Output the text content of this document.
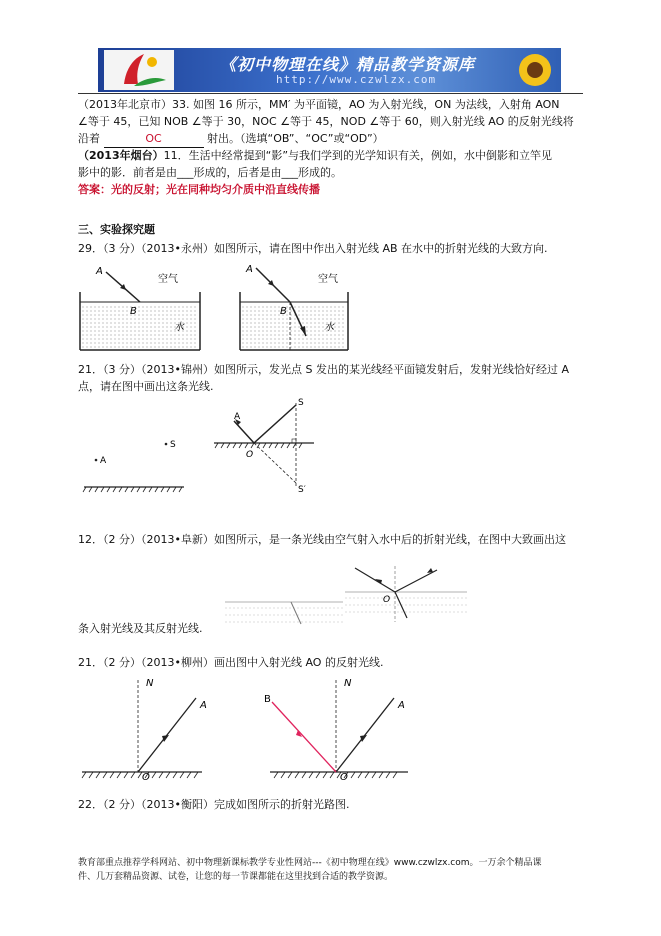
《初中物理在线》精品教学资源库
http://www.czwlzx.com
（2013年北京市）33. 如图 16 所示，MM′ 为平面镜，AO 为入射光线，ON 为法线，入射角 AON
∠等于 45，已知 NOB ∠等于 30，NOC ∠等于 45，NOD ∠等于 60，则入射光线 AO 的反射光线将
沿着	OC	射出。（选填“OB”、“OC”或“OD”）
（2013年烟台）11．生活中经常提到“影”与我们学到的光学知识有关，例如，水中倒影和立竿见
影中的影．前者是由___形成的，后者是由___形成的。
答案：光的反射；光在同种均匀介质中沿直线传播
三、实验探究题
29．（3 分）（2013•永州）如图所示，请在图中作出入射光线 AB 在水中的折射光线的大致方向.
A
B
空气
水
A
B
空气
水
21．（3 分）（2013•锦州）如图所示，发光点 S 发出的某光线经平面镜发射后，发射光线恰好经过 A
点，请在图中画出这条光线.
S
A
A
S
O
S′
12．（2 分）（2013•阜新）如图所示，是一条光线由空气射入水中后的折射光线，在图中大致画出这
O
条入射光线及其反射光线.
21．（2 分）（2013•柳州）画出图中入射光线 AO 的反射光线.
N
A
O
B
N
A
O
22．（2 分）（2013•衡阳）完成如图所示的折射光路图.
教育部重点推荐学科网站、初中物理新课标教学专业性网站---《初中物理在线》www.czwlzx.com。一万余个精品课
件、几万套精品资源、试卷，让您的每一节课都能在这里找到合适的教学资源。
